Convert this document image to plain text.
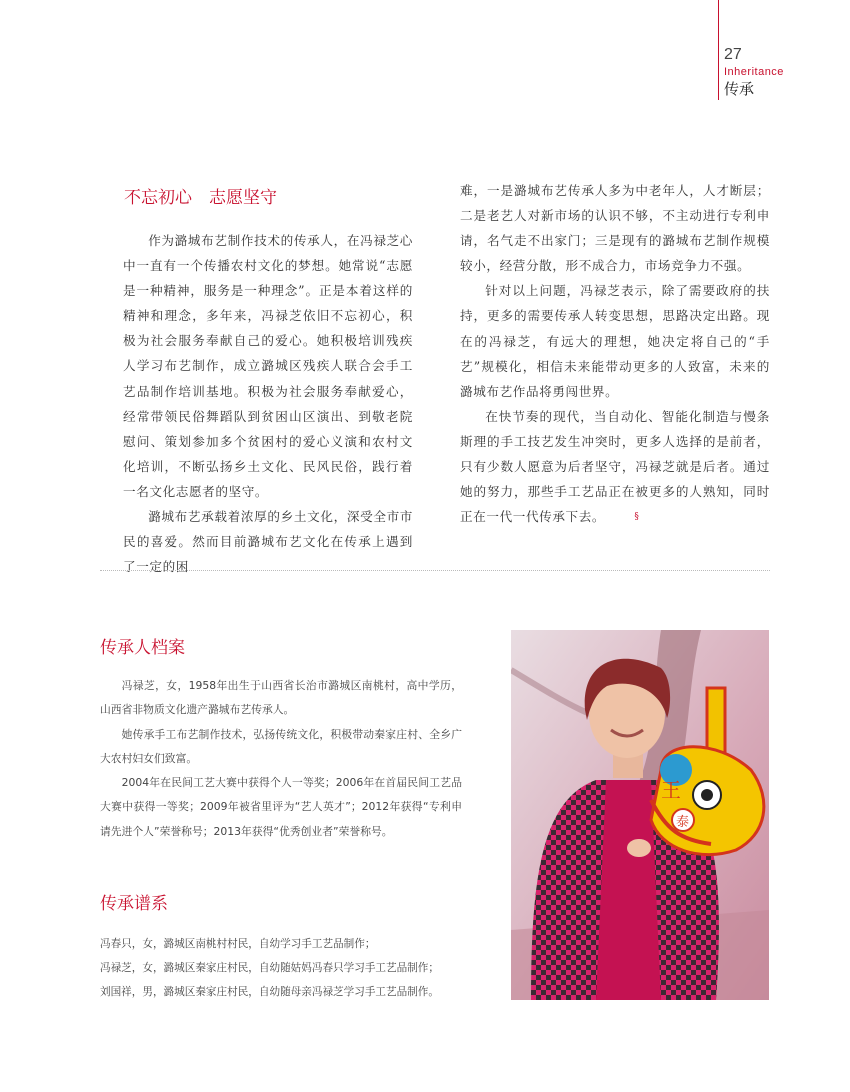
27
Inheritance
传承
不忘初心　志愿坚守

作为潞城布艺制作技术的传承人，在冯禄芝心中一直有一个传播农村文化的梦想。她常说“志愿是一种精神，服务是一种理念”。正是本着这样的精神和理念，多年来，冯禄芝依旧不忘初心，积极为社会服务奉献自己的爱心。她积极培训残疾人学习布艺制作，成立潞城区残疾人联合会手工艺品制作培训基地。积极为社会服务奉献爱心，经常带领民俗舞蹈队到贫困山区演出、到敬老院慰问、策划参加多个贫困村的爱心义演和农村文化培训，不断弘扬乡土文化、民风民俗，践行着一名文化志愿者的坚守。

潞城布艺承载着浓厚的乡土文化，深受全市市民的喜爱。然而目前潞城布艺文化在传承上遇到了一定的困

难，一是潞城布艺传承人多为中老年人，人才断层；二是老艺人对新市场的认识不够，不主动进行专利申请，名气走不出家门；三是现有的潞城布艺制作规模较小，经营分散，形不成合力，市场竞争力不强。

针对以上问题，冯禄芝表示，除了需要政府的扶持，更多的需要传承人转变思想，思路决定出路。现在的冯禄芝，有远大的理想，她决定将自己的“手艺”规模化，相信未来能带动更多的人致富，未来的潞城布艺作品将勇闯世界。

在快节奏的现代，当自动化、智能化制造与慢条斯理的手工技艺发生冲突时，更多人选择的是前者，只有少数人愿意为后者坚守，冯禄芝就是后者。通过她的努力，那些手工艺品正在被更多的人熟知，同时正在一代一代传承下去。	§

传承人档案

冯禄芝，女，1958年出生于山西省长治市潞城区南桃村，高中学历，山西省非物质文化遗产潞城布艺传承人。

她传承手工布艺制作技术，弘扬传统文化，积极带动秦家庄村、全乡广大农村妇女们致富。

2004年在民间工艺大赛中获得个人一等奖；2006年在首届民间工艺品大赛中获得一等奖；2009年被省里评为“艺人英才”；2012年获得“专利申请先进个人”荣誉称号；2013年获得“优秀创业者”荣誉称号。

传承谱系
冯春只，女，潞城区南桃村村民，自幼学习手工艺品制作；
冯禄芝，女，潞城区秦家庄村民，自幼随姑妈冯春只学习手工艺品制作；
刘国祥，男，潞城区秦家庄村民，自幼随母亲冯禄芝学习手工艺品制作。
王
泰
